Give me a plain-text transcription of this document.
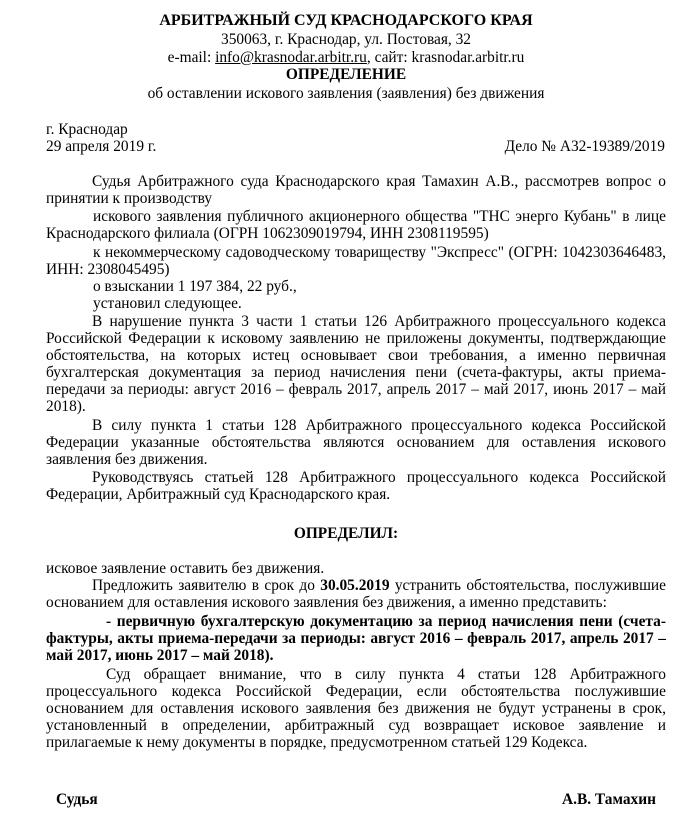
АРБИТРАЖНЫЙ СУД КРАСНОДАРСКОГО КРАЯ
350063, г. Краснодар, ул. Постовая, 32
e-mail: info@krasnodar.arbitr.ru, сайт: krasnodar.arbitr.ru
ОПРЕДЕЛЕНИЕ
об оставлении искового заявления (заявления) без движения
г. Краснодар
29 апреля 2019 г.	Дело № А32-19389/2019
Судья Арбитражного суда Краснодарского края Тамахин А.В., рассмотрев вопрос о
принятии к производству
искового заявления публичного акционерного общества "ТНС энерго Кубань" в лице
Краснодарского филиала (ОГРН 1062309019794, ИНН 2308119595)
к некоммерческому садоводческому товариществу "Экспресс" (ОГРН: 1042303646483,
ИНН: 2308045495)
о взыскании 1 197 384, 22 руб.,
установил следующее.
В нарушение пункта 3 части 1 статьи 126 Арбитражного процессуального кодекса Российской Федерации к исковому заявлению не приложены документы, подтверждающие обстоятельства, на которых истец основывает свои требования, а именно первичная бухгалтерская документация за период начисления пени (счета-фактуры, акты приема-передачи за периоды: август 2016 – февраль 2017, апрель 2017 – май 2017, июнь 2017 – май 2018).
В силу пункта 1 статьи 128 Арбитражного процессуального кодекса Российской Федерации указанные обстоятельства являются основанием для оставления искового заявления без движения.
Руководствуясь статьей 128 Арбитражного процессуального кодекса Российской Федерации, Арбитражный суд Краснодарского края.
ОПРЕДЕЛИЛ:
исковое заявление оставить без движения.
Предложить заявителю в срок до 30.05.2019 устранить обстоятельства, послужившие основанием для оставления искового заявления без движения, а именно представить:
- первичную бухгалтерскую документацию за период начисления пени (счета-фактуры, акты приема-передачи за периоды: август 2016 – февраль 2017, апрель 2017 – май 2017, июнь 2017 – май 2018).
Суд обращает внимание, что в силу пункта 4 статьи 128 Арбитражного процессуального кодекса Российской Федерации, если обстоятельства послужившие основанием для оставления искового заявления без движения не будут устранены в срок, установленный в определении, арбитражный суд возвращает исковое заявление и прилагаемые к нему документы в порядке, предусмотренном статьей 129 Кодекса.
Судья	А.В. Тамахин
